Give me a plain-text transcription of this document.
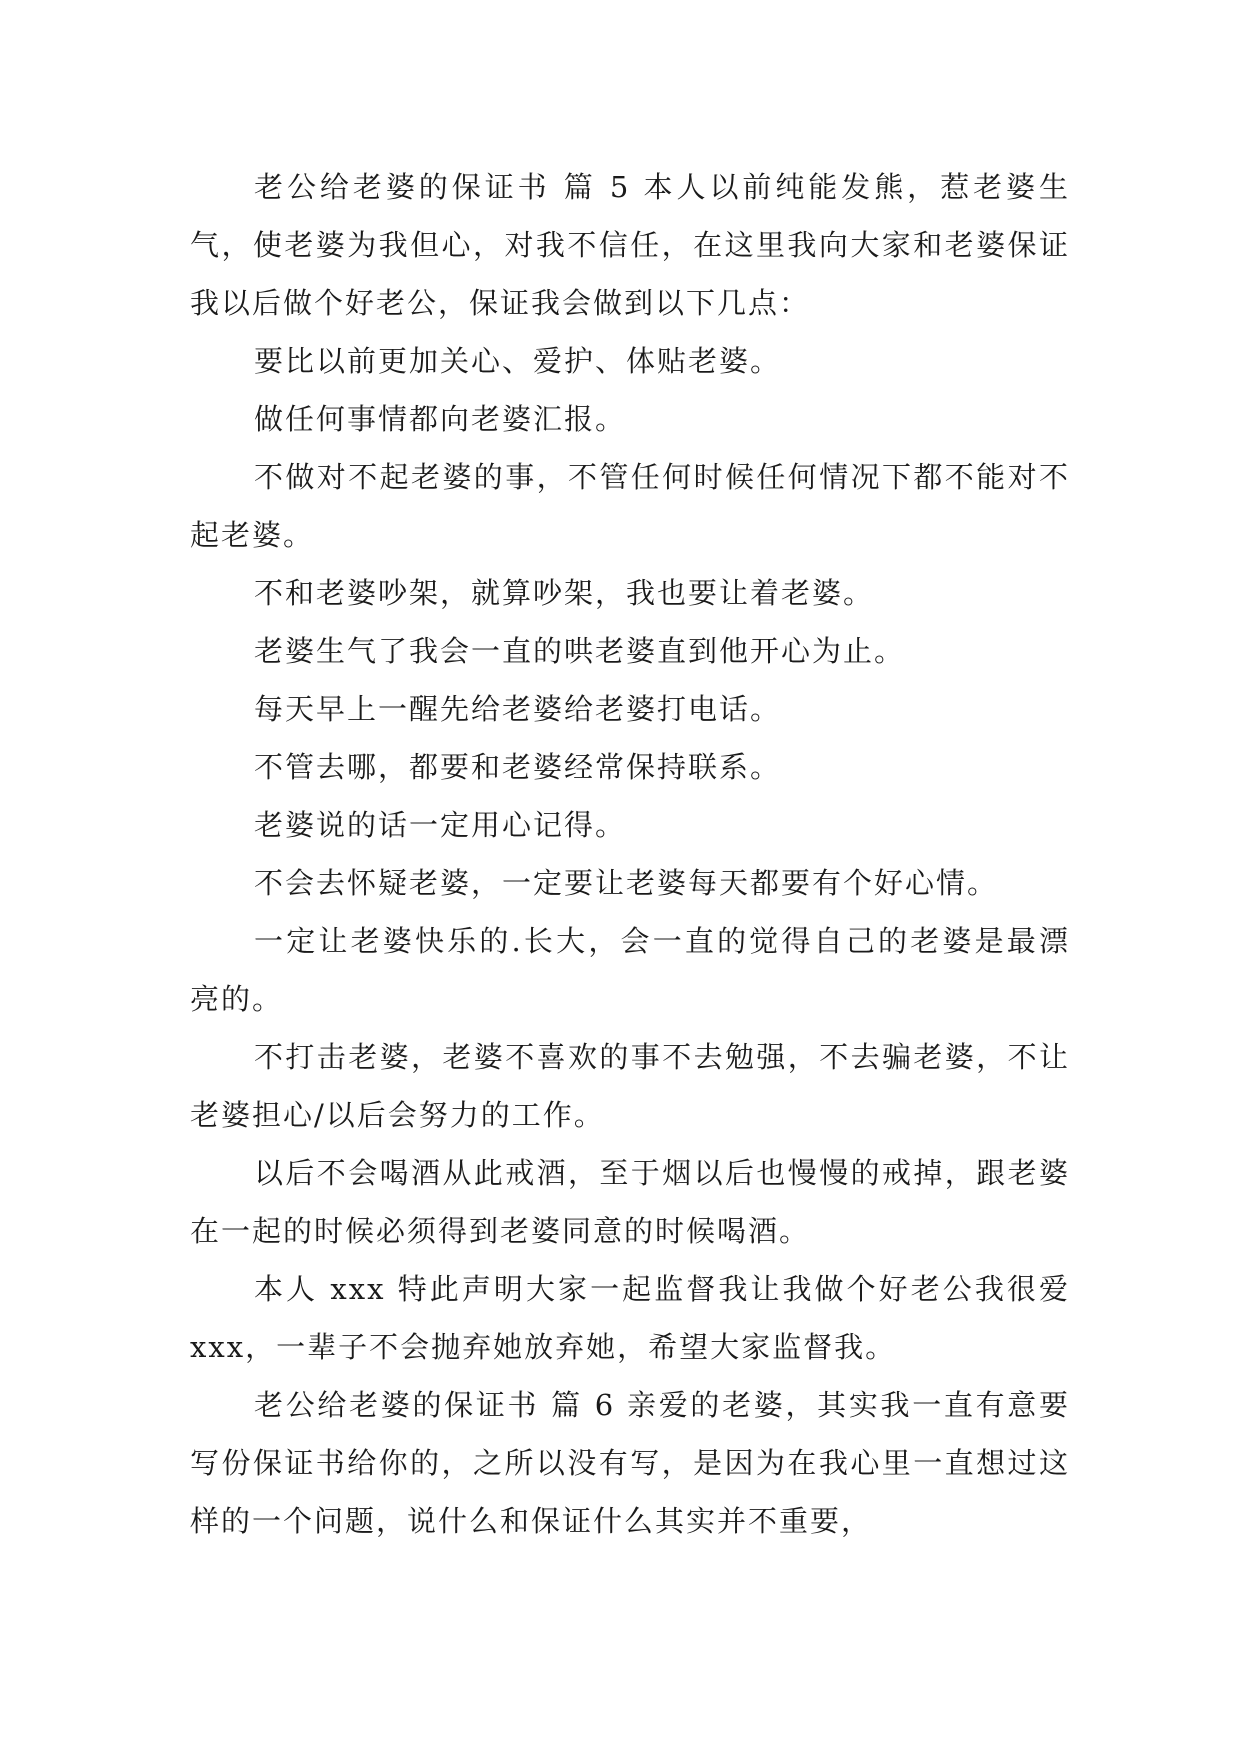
老公给老婆的保证书 篇 5 本人以前纯能发熊，惹老婆生气，使老婆为我但心，对我不信任，在这里我向大家和老婆保证我以后做个好老公，保证我会做到以下几点：

要比以前更加关心、爱护、体贴老婆。

做任何事情都向老婆汇报。

不做对不起老婆的事，不管任何时候任何情况下都不能对不起老婆。

不和老婆吵架，就算吵架，我也要让着老婆。

老婆生气了我会一直的哄老婆直到他开心为止。

每天早上一醒先给老婆给老婆打电话。

不管去哪，都要和老婆经常保持联系。

老婆说的话一定用心记得。

不会去怀疑老婆，一定要让老婆每天都要有个好心情。

一定让老婆快乐的.长大，会一直的觉得自己的老婆是最漂亮的。

不打击老婆，老婆不喜欢的事不去勉强，不去骗老婆，不让老婆担心/以后会努力的工作。

以后不会喝酒从此戒酒，至于烟以后也慢慢的戒掉，跟老婆在一起的时候必须得到老婆同意的时候喝酒。

本人 xxx 特此声明大家一起监督我让我做个好老公我很爱 xxx，一辈子不会抛弃她放弃她，希望大家监督我。

老公给老婆的保证书 篇 6 亲爱的老婆，其实我一直有意要写份保证书给你的，之所以没有写，是因为在我心里一直想过这样的一个问题，说什么和保证什么其实并不重要，
